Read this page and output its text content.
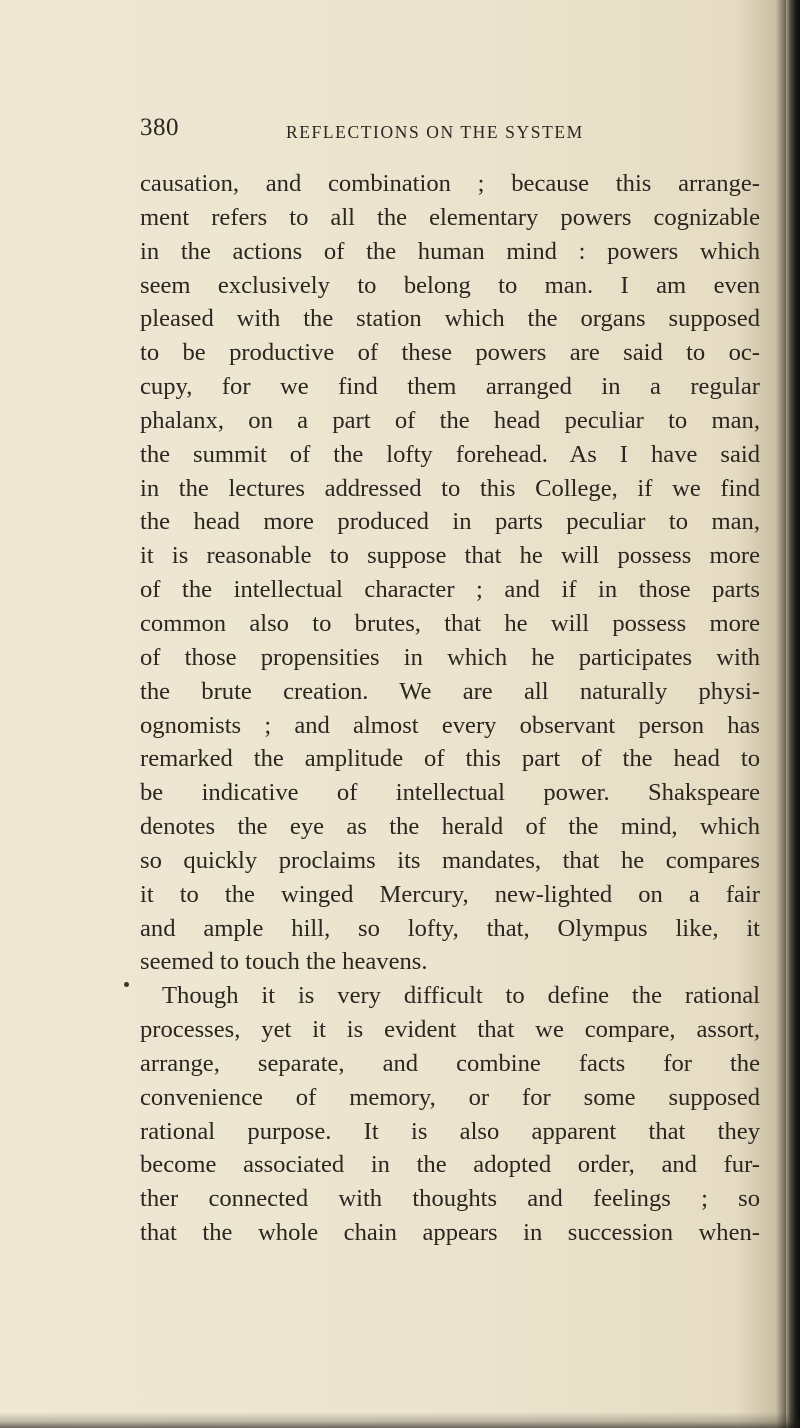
380	REFLECTIONS ON THE SYSTEM
causation, and combination ; because this arrange-
ment refers to all the elementary powers cognizable
in the actions of the human mind : powers which
seem exclusively to belong to man. I am even
pleased with the station which the organs supposed
to be productive of these powers are said to oc-
cupy, for we find them arranged in a regular
phalanx, on a part of the head peculiar to man,
the summit of the lofty forehead. As I have said
in the lectures addressed to this College, if we find
the head more produced in parts peculiar to man,
it is reasonable to suppose that he will possess more
of the intellectual character ; and if in those parts
common also to brutes, that he will possess more
of those propensities in which he participates with
the brute creation. We are all naturally physi-
ognomists ; and almost every observant person has
remarked the amplitude of this part of the head to
be indicative of intellectual power. Shakspeare
denotes the eye as the herald of the mind, which
so quickly proclaims its mandates, that he compares
it to the winged Mercury, new-lighted on a fair
and ample hill, so lofty, that, Olympus like, it
seemed to touch the heavens.
Though it is very difficult to define the rational
processes, yet it is evident that we compare, assort,
arrange, separate, and combine facts for the
convenience of memory, or for some supposed
rational purpose. It is also apparent that they
become associated in the adopted order, and fur-
ther connected with thoughts and feelings ; so
that the whole chain appears in succession when-
